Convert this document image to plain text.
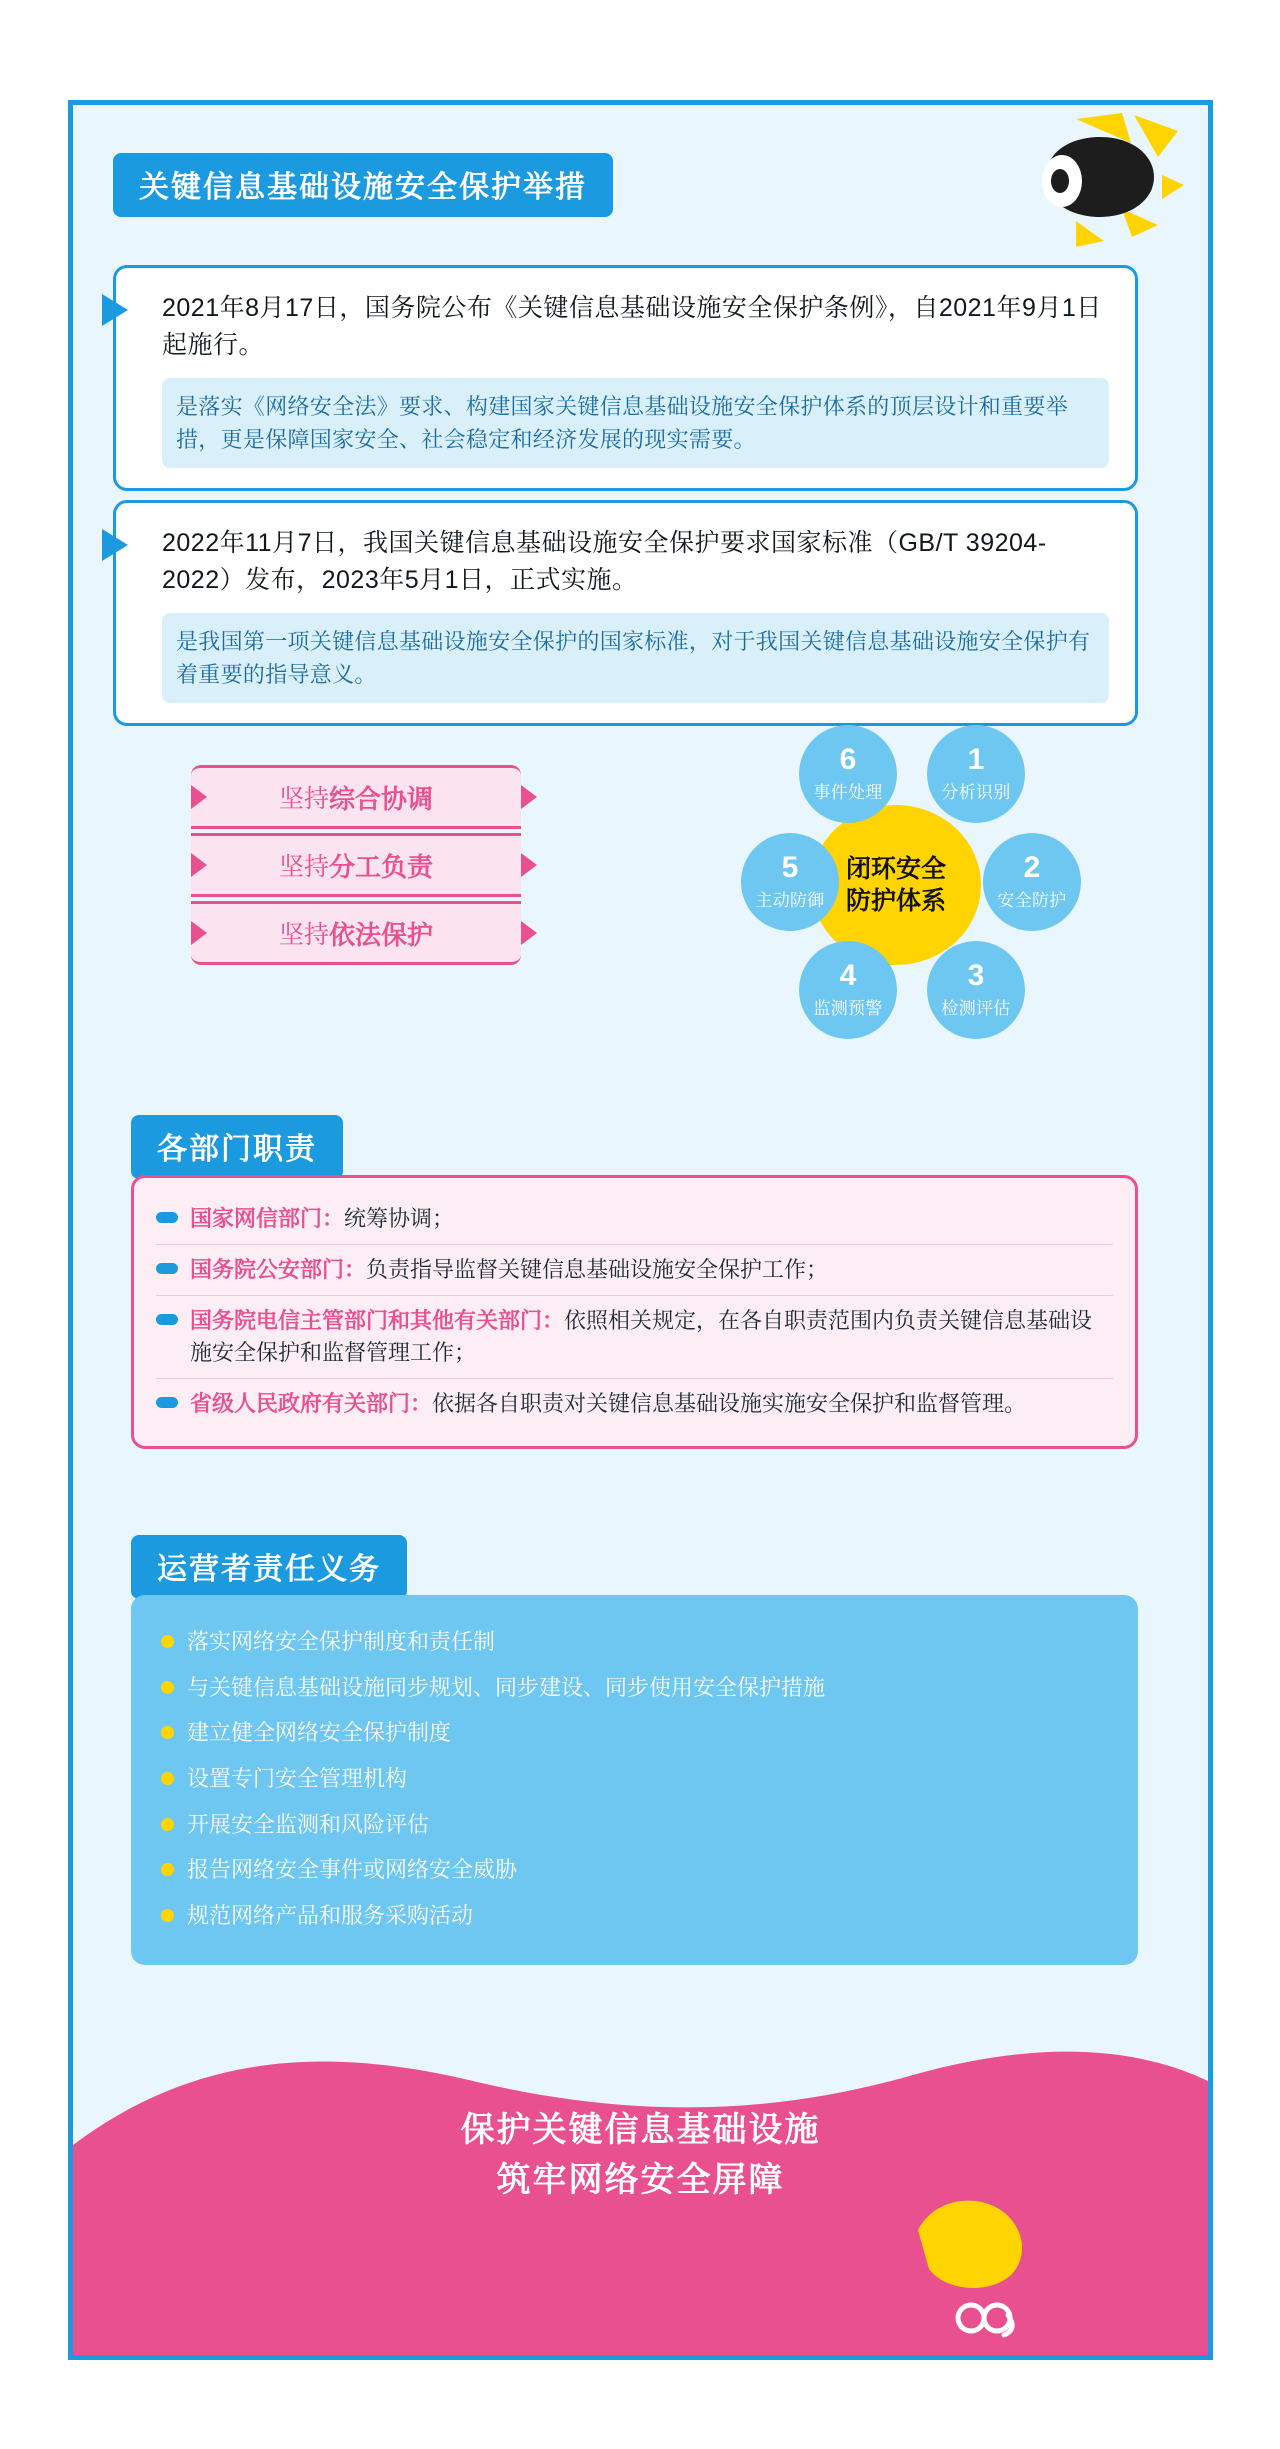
关键信息基础设施安全保护举措
2021年8月17日，国务院公布《关键信息基础设施安全保护条例》，自2021年9月1日起施行。
是落实《网络安全法》要求、构建国家关键信息基础设施安全保护体系的顶层设计和重要举措，更是保障国家安全、社会稳定和经济发展的现实需要。
2022年11月7日，我国关键信息基础设施安全保护要求国家标准（GB/T 39204-2022）发布，2023年5月1日，正式实施。
是我国第一项关键信息基础设施安全保护的国家标准，对于我国关键信息基础设施安全保护有着重要的指导意义。
坚持 综合协调
坚持 分工负责
坚持 依法保护
闭环安全
防护体系
1
分析识别
2
安全防护
3
检测评估
4
监测预警
5
主动防御
6
事件处理
各部门职责
国家网信部门：统筹协调；
国务院公安部门：负责指导监督关键信息基础设施安全保护工作；
国务院电信主管部门和其他有关部门：依照相关规定，在各自职责范围内负责关键信息基础设施安全保护和监督管理工作；
省级人民政府有关部门：依据各自职责对关键信息基础设施实施安全保护和监督管理。
运营者责任义务
落实网络安全保护制度和责任制
与关键信息基础设施同步规划、同步建设、同步使用安全保护措施
建立健全网络安全保护制度
设置专门安全管理机构
开展安全监测和风险评估
报告网络安全事件或网络安全威胁
规范网络产品和服务采购活动
保护关键信息基础设施
筑牢网络安全屏障
